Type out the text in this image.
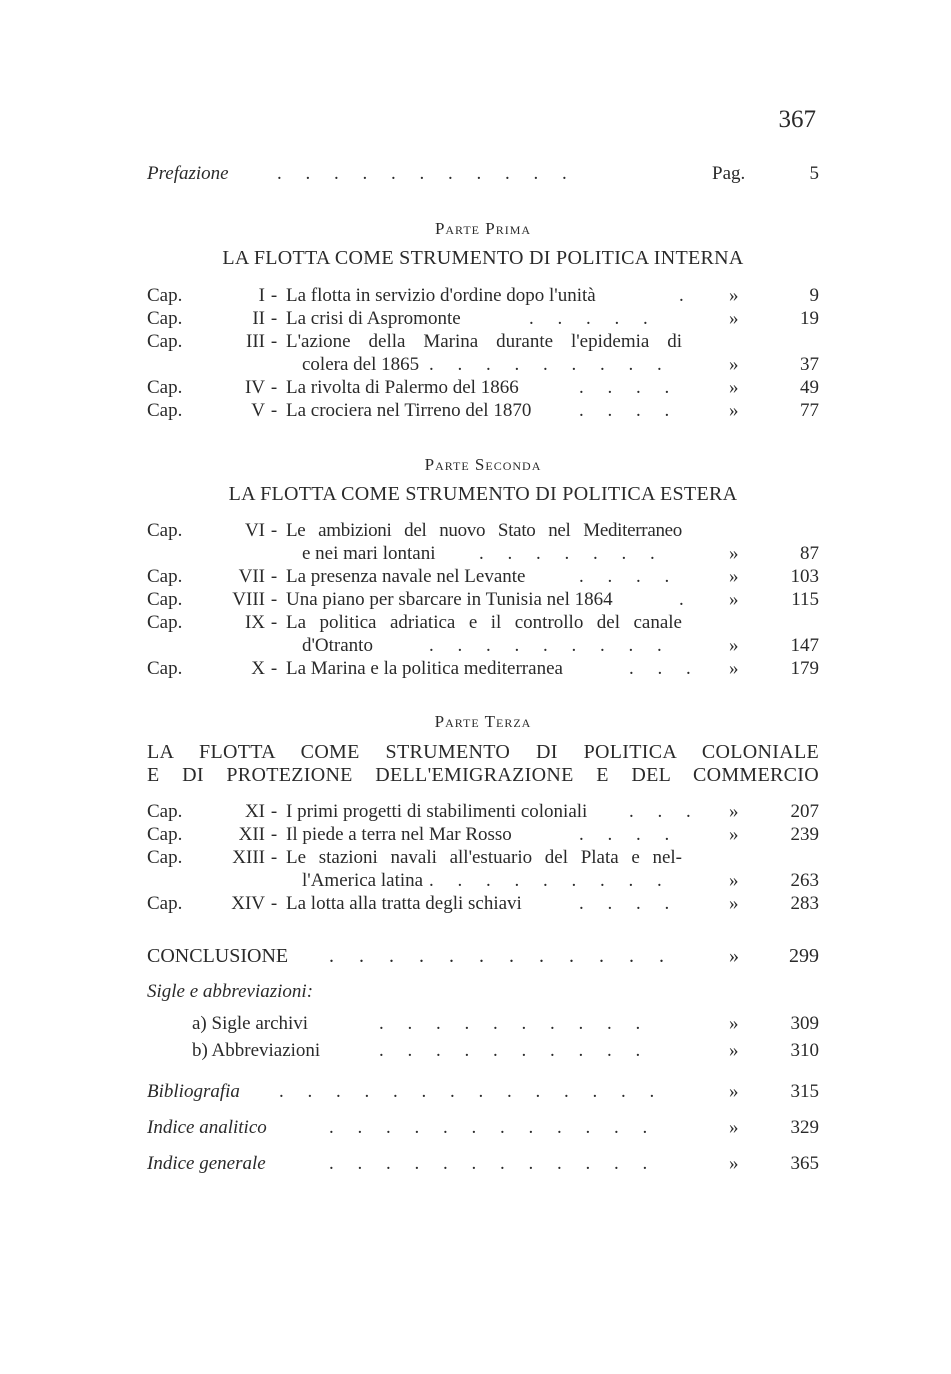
367
Prefazione	.     .     .     .     .     .     .     .     .     .     .	Pag.	5
Parte Prima
LA FLOTTA COME STRUMENTO DI POLITICA INTERNA
Cap.	I - La flotta in servizio d'ordine dopo l'unità	. »	9
Cap.	II - La crisi di Aspromonte	.     .     .     .     .	»	19
Cap.	III - L'azione della Marina durante l'epidemia di
colera del 1865 .     .     .     .     .     .     .     .     .	»	37
Cap.	IV - La rivolta di Palermo del 1866	.     .     .     .	»	49
Cap.	V - La crociera nel Tirreno del 1870	.     .     .     .	»	77
Parte Seconda
LA FLOTTA COME STRUMENTO DI POLITICA ESTERA
Cap.	VI - Le ambizioni del nuovo Stato nel Mediterraneo
e nei mari lontani .     .     .     .     .     .     .	»	87
Cap.	VII - La presenza navale nel Levante	.     .     .     .	»	103
Cap.	VIII - Una piano per sbarcare in Tunisia nel 1864	. »	115
Cap.	IX - La politica adriatica e il controllo del canale
d'Otranto	.     .     .     .     .     .     .     .     .	»	147
Cap.	X - La Marina e la politica mediterranea	.     .     . »	179
Parte Terza
LA FLOTTA COME STRUMENTO DI POLITICA COLONIALE
E DI PROTEZIONE DELL'EMIGRAZIONE E DEL COMMERCIO
Cap.	XI - I primi progetti di stabilimenti coloniali .     .     . »	207
Cap.	XII - Il piede a terra nel Mar Rosso	.     .     .     .	»	239
Cap.	XIII - Le stazioni navali all'estuario del Plata e nel-
l'America latina .     .     .     .     .     .     .     .     .	»	263
Cap.	XIV - La lotta alla tratta degli schiavi	.     .     .     .	»	283
CONCLUSIONE .     .     .     .     .     .     .     .     .     .     .     .	»	299
Sigle e abbreviazioni:
a) Sigle archivi	.     .     .     .     .     .     .     .     .     .	»	309
b) Abbreviazioni	.     .     .     .     .     .     .     .     .     .	»	310
Bibliografia .     .     .     .     .     .     .     .     .     .     .     .     .     .	»	315
Indice analitico	.     .     .     .     .     .     .     .     .     .     .     .	»	329
Indice generale	.     .     .     .     .     .     .     .     .     .     .     .	»	365
